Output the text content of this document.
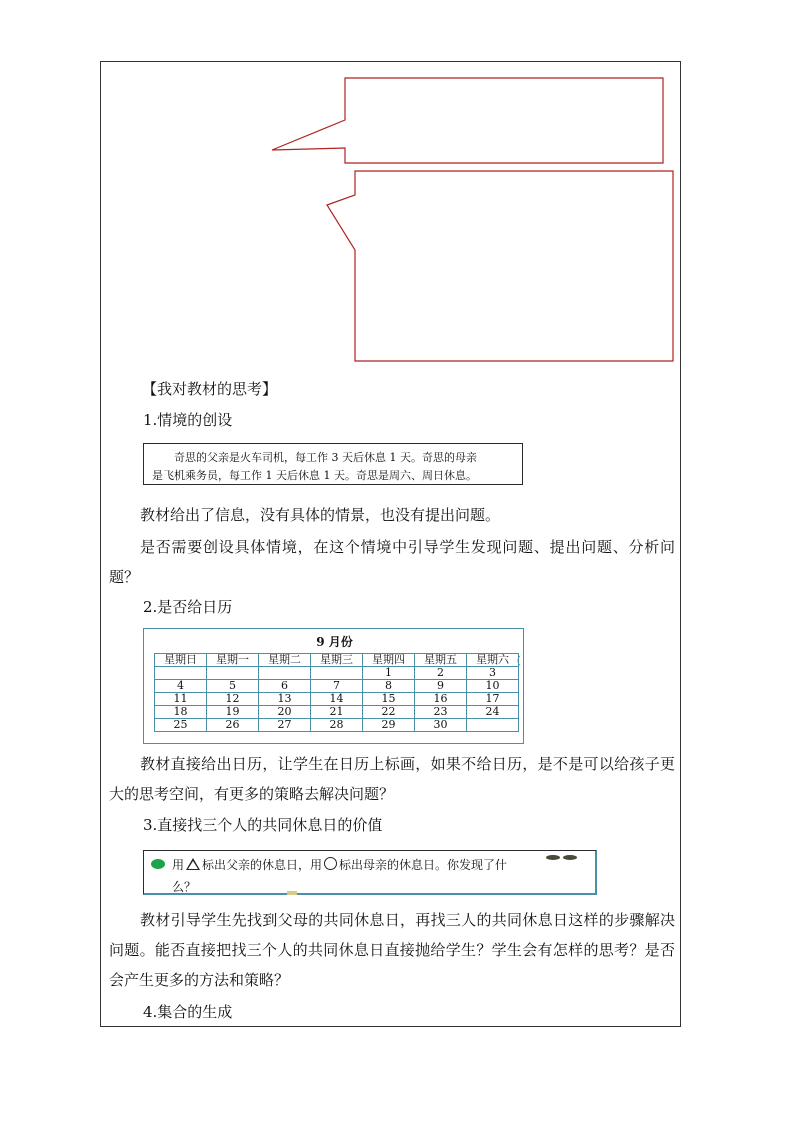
【我对教材的思考】
1.情境的创设
奇思的父亲是火车司机，每工作 3 天后休息 1 天。奇思的母亲
是飞机乘务员，每工作 1 天后休息 1 天。奇思是周六、周日休息。
教材给出了信息，没有具体的情景，也没有提出问题。
是否需要创设具体情境，在这个情境中引导学生发现问题、提出问题、分析问题？
2.是否给日历
9 月份
(
星期日	星期一	星期二	星期三	星期四	星期五	星期六
				1	2	3
4	5	6	7	8	9	10
11	12	13	14	15	16	17
18	19	20	21	22	23	24
25	26	27	28	29	30	
教材直接给出日历，让学生在日历上标画，如果不给日历，是不是可以给孩子更大的思考空间，有更多的策略去解决问题？
3.直接找三个人的共同休息日的价值
用 标出父亲的休息日，用 标出母亲的休息日。你发现了什
么？
教材引导学生先找到父母的共同休息日，再找三人的共同休息日这样的步骤解决问题。能否直接把找三个人的共同休息日直接抛给学生？学生会有怎样的思考？是否会产生更多的方法和策略？
4.集合的生成
